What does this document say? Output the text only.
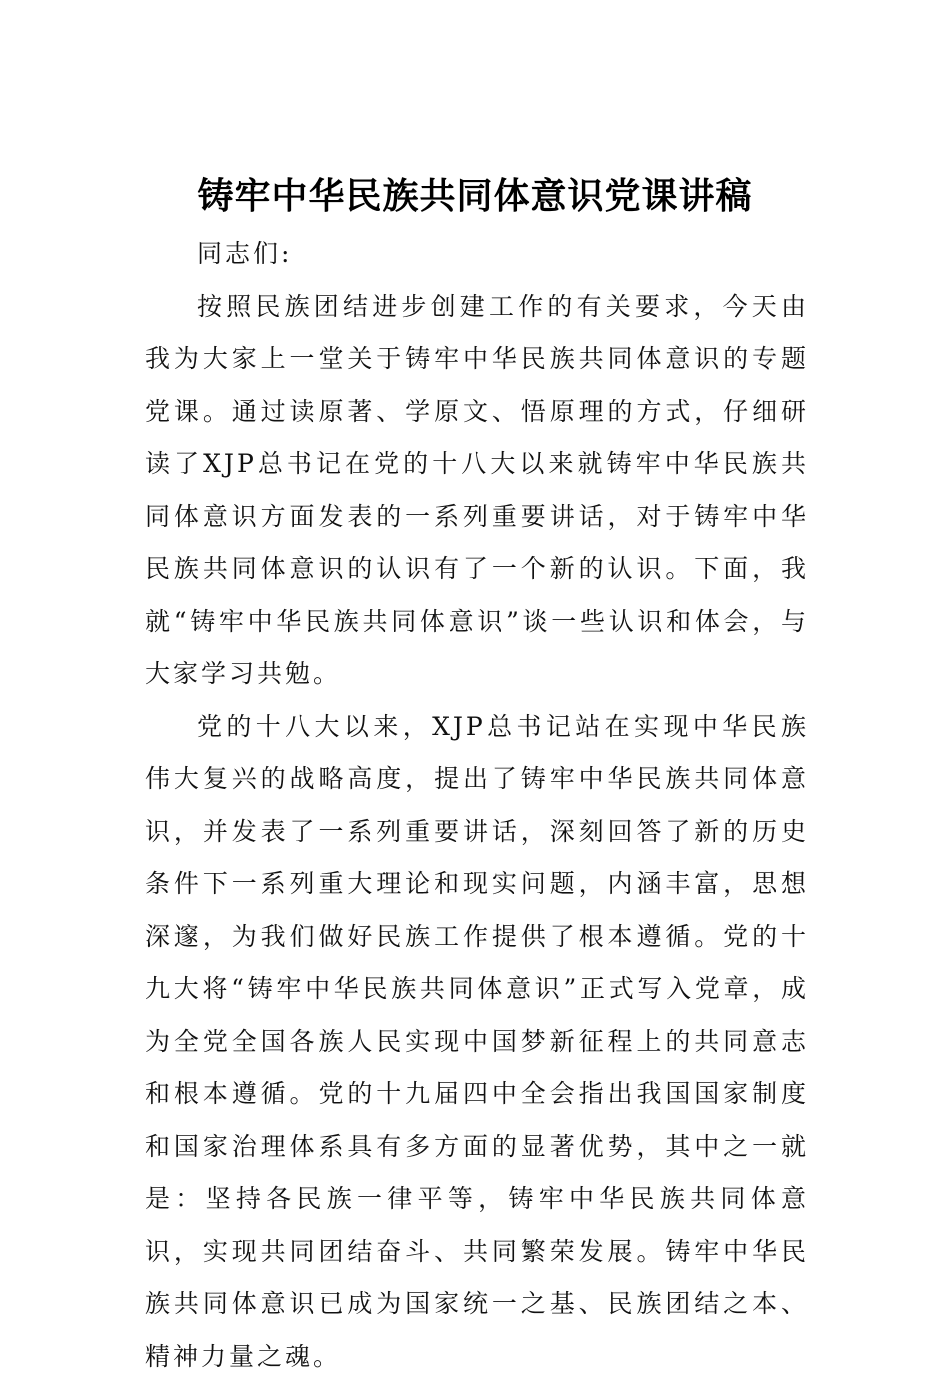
铸牢中华民族共同体意识党课讲稿

同志们:

按照民族团结进步创建工作的有关要求，今天由我为大家上一堂关于铸牢中华民族共同体意识的专题党课。通过读原著、学原文、悟原理的方式，仔细研读了XJP总书记在党的十八大以来就铸牢中华民族共同体意识方面发表的一系列重要讲话，对于铸牢中华民族共同体意识的认识有了一个新的认识。下面，我就“铸牢中华民族共同体意识”谈一些认识和体会，与大家学习共勉。

党的十八大以来，XJP总书记站在实现中华民族伟大复兴的战略高度，提出了铸牢中华民族共同体意识，并发表了一系列重要讲话，深刻回答了新的历史条件下一系列重大理论和现实问题，内涵丰富，思想深邃，为我们做好民族工作提供了根本遵循。党的十九大将“铸牢中华民族共同体意识”正式写入党章，成为全党全国各族人民实现中国梦新征程上的共同意志和根本遵循。党的十九届四中全会指出我国国家制度和国家治理体系具有多方面的显著优势，其中之一就是：坚持各民族一律平等，铸牢中华民族共同体意识，实现共同团结奋斗、共同繁荣发展。铸牢中华民族共同体意识已成为国家统一之基、民族团结之本、精神力量之魂。
